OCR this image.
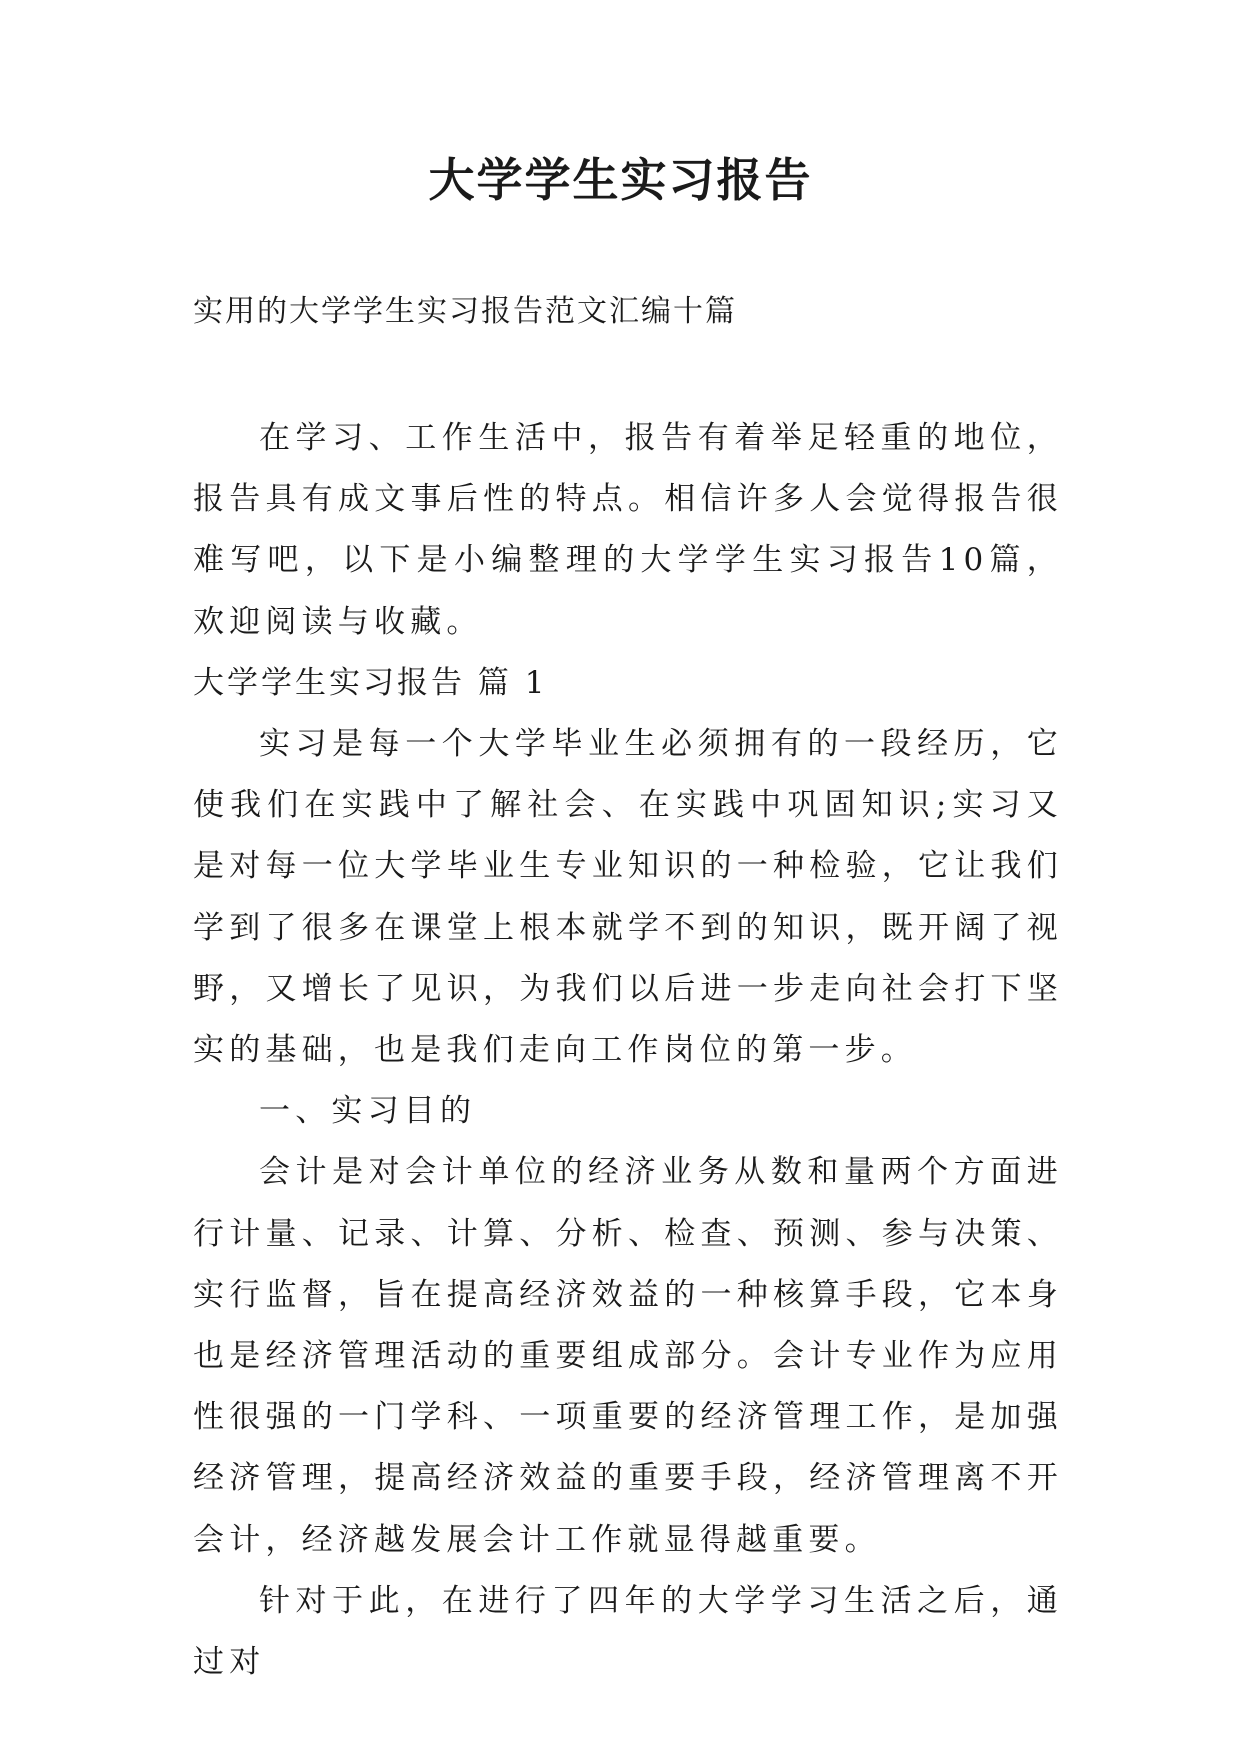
大学学生实习报告

实用的大学学生实习报告范文汇编十篇

在学习、工作生活中，报告有着举足轻重的地位，报告具有成文事后性的特点。相信许多人会觉得报告很难写吧，以下是小编整理的大学学生实习报告10篇，欢迎阅读与收藏。

大学学生实习报告 篇 1

实习是每一个大学毕业生必须拥有的一段经历，它使我们在实践中了解社会、在实践中巩固知识;实习又是对每一位大学毕业生专业知识的一种检验，它让我们学到了很多在课堂上根本就学不到的知识，既开阔了视野，又增长了见识，为我们以后进一步走向社会打下坚实的基础，也是我们走向工作岗位的第一步。

一、实习目的

会计是对会计单位的经济业务从数和量两个方面进行计量、记录、计算、分析、检查、预测、参与决策、实行监督，旨在提高经济效益的一种核算手段，它本身也是经济管理活动的重要组成部分。会计专业作为应用性很强的一门学科、一项重要的经济管理工作，是加强经济管理，提高经济效益的重要手段，经济管理离不开会计，经济越发展会计工作就显得越重要。

针对于此，在进行了四年的大学学习生活之后，通过对
